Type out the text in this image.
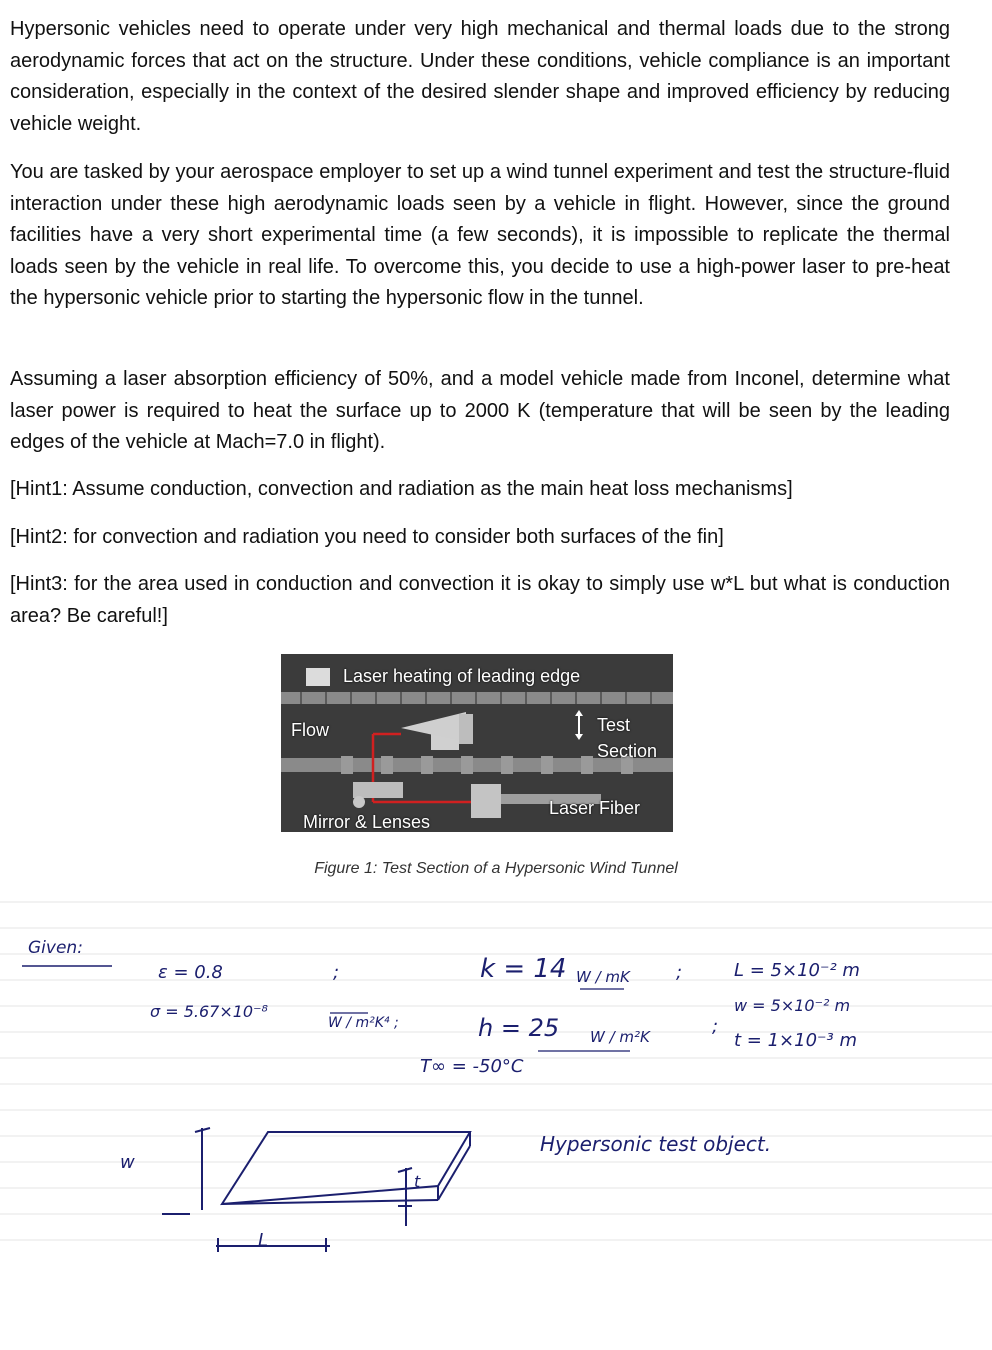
Hypersonic vehicles need to operate under very high mechanical and thermal loads due to the strong aerodynamic forces that act on the structure. Under these conditions, vehicle compliance is an important consideration, especially in the context of the desired slender shape and improved efficiency by reducing vehicle weight.

You are tasked by your aerospace employer to set up a wind tunnel experiment and test the structure-fluid interaction under these high aerodynamic loads seen by a vehicle in flight. However, since the ground facilities have a very short experimental time (a few seconds), it is impossible to replicate the thermal loads seen by the vehicle in real life. To overcome this, you decide to use a high-power laser to pre-heat the hypersonic vehicle prior to starting the hypersonic flow in the tunnel.

Assuming a laser absorption efficiency of 50%, and a model vehicle made from Inconel, determine what laser power is required to heat the surface up to 2000 K (temperature that will be seen by the leading edges of the vehicle at Mach=7.0 in flight).

[Hint1: Assume conduction, convection and radiation as the main heat loss mechanisms]

[Hint2: for convection and radiation you need to consider both surfaces of the fin]

[Hint3: for the area used in conduction and convection it is okay to simply use w*L but what is conduction area? Be careful!]

Laser heating of leading edge
Flow	Test
Section
Laser Fiber
Mirror & Lenses
Figure 1: Test Section of a Hypersonic Wind Tunnel
Given:
ε = 0.8	;
σ = 5.67×10⁻⁸
W / m²K⁴ ;
k = 14 W / mK	;
h = 25 W / m²K	;
T∞ = -50°C
L = 5×10⁻² m
w = 5×10⁻² m
t = 1×10⁻³ m
w
L
t
Hypersonic test object.
